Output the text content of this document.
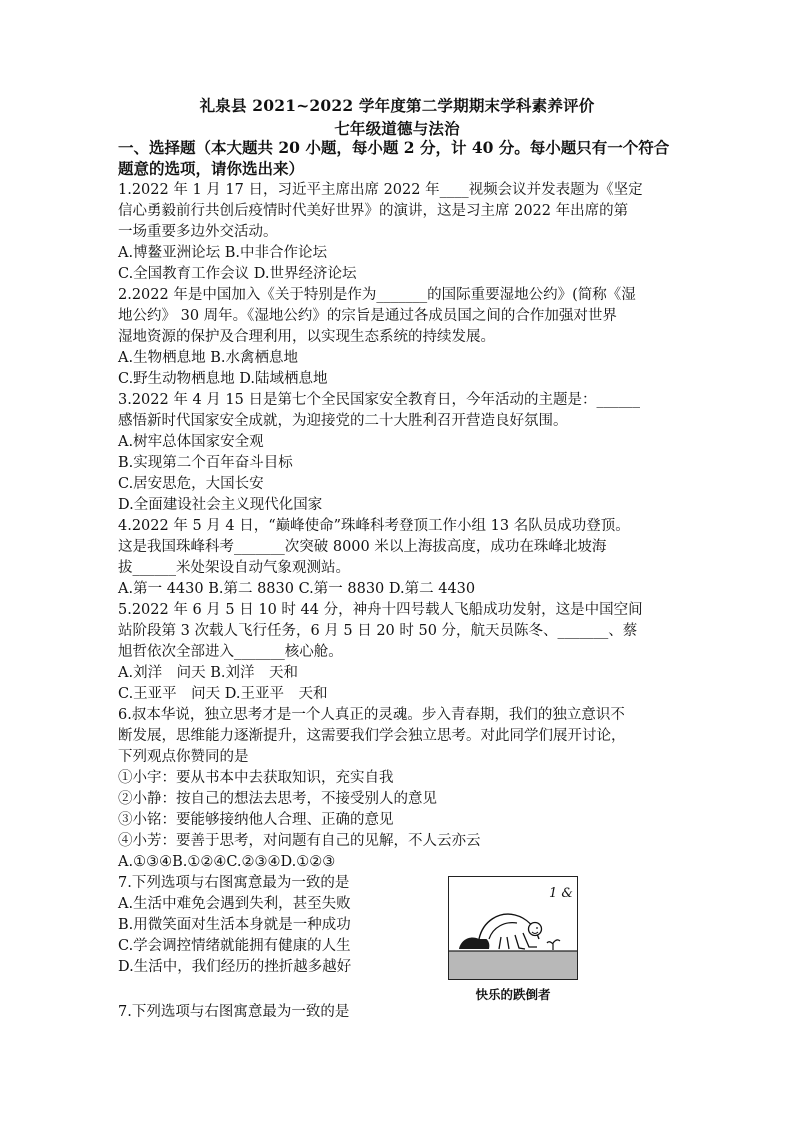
礼泉县 2021~2022 学年度第二学期期末学科素养评价
七年级道德与法治
一、选择题（本大题共 20 小题，每小题 2 分，计 40 分。每小题只有一个符合
题意的选项，请你选出来）
1.2022 年 1 月 17 日，习近平主席出席 2022 年____视频会议并发表题为《坚定
信心勇毅前行共创后疫情时代美好世界》的演讲，这是习主席 2022 年出席的第
一场重要多边外交活动。
A.博鳌亚洲论坛 B.中非合作论坛
C.全国教育工作会议 D.世界经济论坛
2.2022 年是中国加入《关于特别是作为_______的国际重要湿地公约》(简称《湿
地公约》 30 周年。《湿地公约》的宗旨是通过各成员国之间的合作加强对世界
湿地资源的保护及合理利用，以实现生态系统的持续发展。
A.生物栖息地 B.水禽栖息地
C.野生动物栖息地 D.陆域栖息地
3.2022 年 4 月 15 日是第七个全民国家安全教育日，今年活动的主题是：______
感悟新时代国家安全成就，为迎接党的二十大胜利召开营造良好氛围。
A.树牢总体国家安全观
B.实现第二个百年奋斗目标
C.居安思危，大国长安
D.全面建设社会主义现代化国家
4.2022 年 5 月 4 日，“巅峰使命”珠峰科考登顶工作小组 13 名队员成功登顶。
这是我国珠峰科考_______次突破 8000 米以上海拔高度，成功在珠峰北坡海
拔______米处架设自动气象观测站。
A.第一 4430 B.第二 8830 C.第一 8830 D.第二 4430
5.2022 年 6 月 5 日 10 时 44 分，神舟十四号载人飞船成功发射，这是中国空间
站阶段第 3 次载人飞行任务，6 月 5 日 20 时 50 分，航天员陈冬、_______、蔡
旭哲依次全部进入_______核心舱。
A.刘洋　问天 B.刘洋　天和
C.王亚平　问天 D.王亚平　天和
6.叔本华说，独立思考才是一个人真正的灵魂。步入青春期，我们的独立意识不
断发展，思维能力逐渐提升，这需要我们学会独立思考。对此同学们展开讨论，
下列观点你赞同的是
①小宇：要从书本中去获取知识，充实自我
②小静：按自己的想法去思考，不接受别人的意见
③小铭：要能够接纳他人合理、正确的意见
④小芳：要善于思考，对问题有自己的见解，不人云亦云
A.①③④B.①②④C.②③④D.①②③
7.下列选项与右图寓意最为一致的是
A.生活中难免会遇到失利，甚至失败
B.用微笑面对生活本身就是一种成功
C.学会调控情绪就能拥有健康的人生
D.生活中，我们经历的挫折越多越好
7.下列选项与右图寓意最为一致的是
1 &
快乐的跌倒者
